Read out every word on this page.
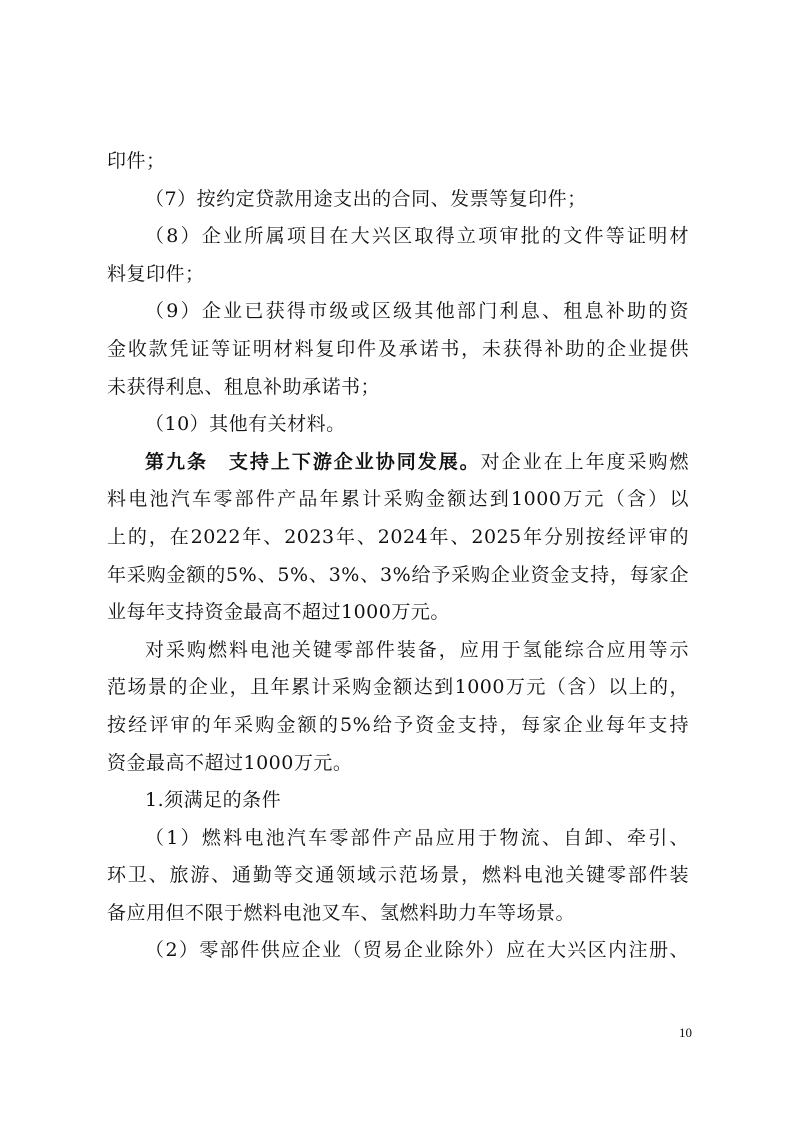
印件；
（7）按约定贷款用途支出的合同、发票等复印件；
（8）企业所属项目在大兴区取得立项审批的文件等证明材
料复印件；
（9）企业已获得市级或区级其他部门利息、租息补助的资
金收款凭证等证明材料复印件及承诺书，未获得补助的企业提供
未获得利息、租息补助承诺书；
（10）其他有关材料。
第九条　支持上下游企业协同发展。对企业在上年度采购燃
料电池汽车零部件产品年累计采购金额达到1000万元（含）以
上的，在2022年、2023年、2024年、2025年分别按经评审的
年采购金额的5%、5%、3%、3%给予采购企业资金支持，每家企
业每年支持资金最高不超过1000万元。
对采购燃料电池关键零部件装备，应用于氢能综合应用等示
范场景的企业，且年累计采购金额达到1000万元（含）以上的，
按经评审的年采购金额的5%给予资金支持，每家企业每年支持
资金最高不超过1000万元。
1.须满足的条件
（1）燃料电池汽车零部件产品应用于物流、自卸、牵引、
环卫、旅游、通勤等交通领域示范场景，燃料电池关键零部件装
备应用但不限于燃料电池叉车、氢燃料助力车等场景。
（2）零部件供应企业（贸易企业除外）应在大兴区内注册、
10
